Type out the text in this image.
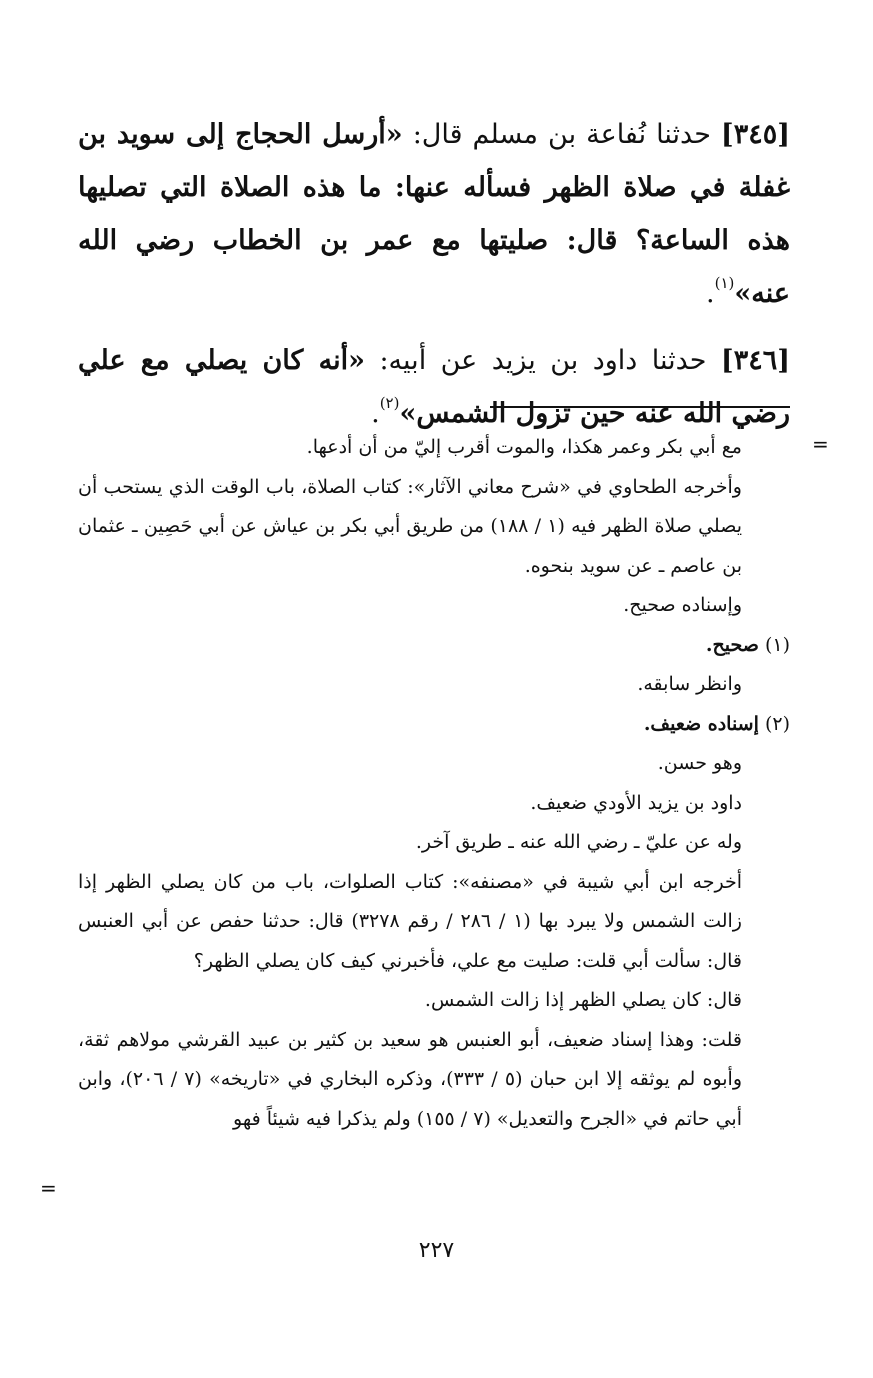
[٣٤٥] حدثنا نُفاعة بن مسلم قال: «أرسل الحجاج إلى سويد بن غفلة في صلاة الظهر فسأله عنها: ما هذه الصلاة التي تصليها هذه الساعة؟ قال: صليتها مع عمر بن الخطاب رضي الله عنه»$^{(١)}$.

[٣٤٦] حدثنا داود بن يزيد عن أبيه: «أنه كان يصلي مع علي رضي الله عنه حين تزول الشمس»$^{(٢)}$.

=

مع أبي بكر وعمر هكذا، والموت أقرب إليّ من أن أدعها.

وأخرجه الطحاوي في «شرح معاني الآثار»: كتاب الصلاة، باب الوقت الذي يستحب أن يصلي صلاة الظهر فيه (١ / ١٨٨) من طريق أبي بكر بن عياش عن أبي حَصِين ـ عثمان بن عاصم ـ عن سويد بنحوه.

وإسناده صحيح.

(١) صحيح.

وانظر سابقه.

(٢) إسناده ضعيف.

وهو حسن.

داود بن يزيد الأودي ضعيف.

وله عن عليّ ـ رضي الله عنه ـ طريق آخر.

أخرجه ابن أبي شيبة في «مصنفه»: كتاب الصلوات، باب من كان يصلي الظهر إذا زالت الشمس ولا يبرد بها (١ / ٢٨٦ / رقم ٣٢٧٨) قال: حدثنا حفص عن أبي العنبس قال: سألت أبي قلت: صليت مع علي، فأخبرني كيف كان يصلي الظهر؟

قال: كان يصلي الظهر إذا زالت الشمس.

قلت: وهذا إسناد ضعيف، أبو العنبس هو سعيد بن كثير بن عبيد القرشي مولاهم ثقة، وأبوه لم يوثقه إلا ابن حبان (٥ / ٣٣٣)، وذكره البخاري في «تاريخه» (٧ / ٢٠٦)، وابن أبي حاتم في «الجرح والتعديل» (٧ / ١٥٥) ولم يذكرا فيه شيئاً فهو

=
٢٢٧
